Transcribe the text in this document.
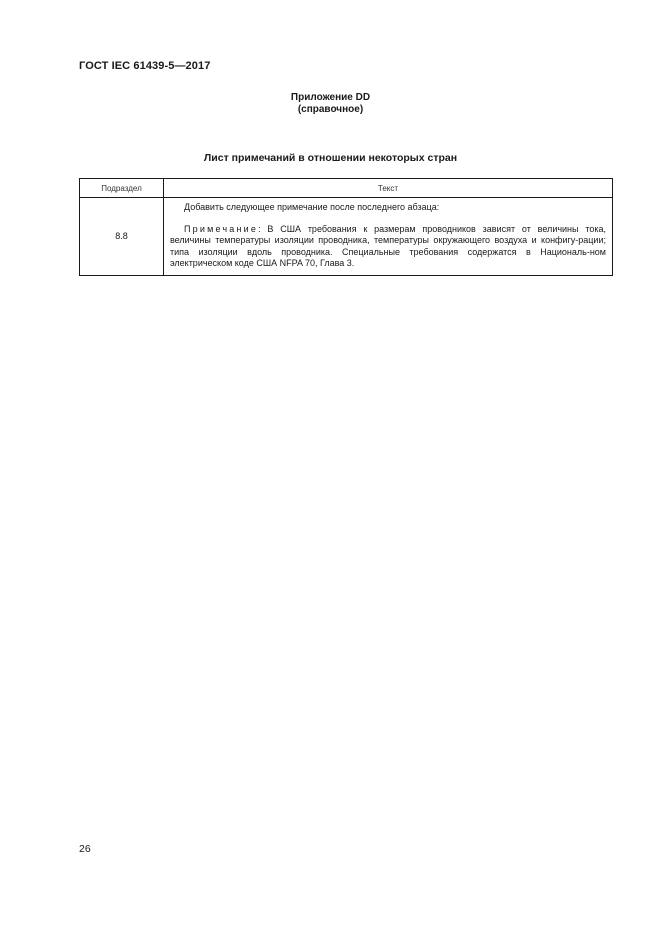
ГОСТ IEC 61439-5—2017
Приложение DD
(справочное)
Лист примечаний в отношении некоторых стран
Подраздел	Текст
8.8	Добавить следующее примечание после последнего абзаца:

Примечание: В США требования к размерам проводников зависят от величины тока, величины температуры изоляции проводника, температуры окружающего воздуха и конфигу-рации; типа изоляции вдоль проводника. Специальные требования содержатся в Националь-ном электрическом коде США NFPA 70, Глава 3.

26
